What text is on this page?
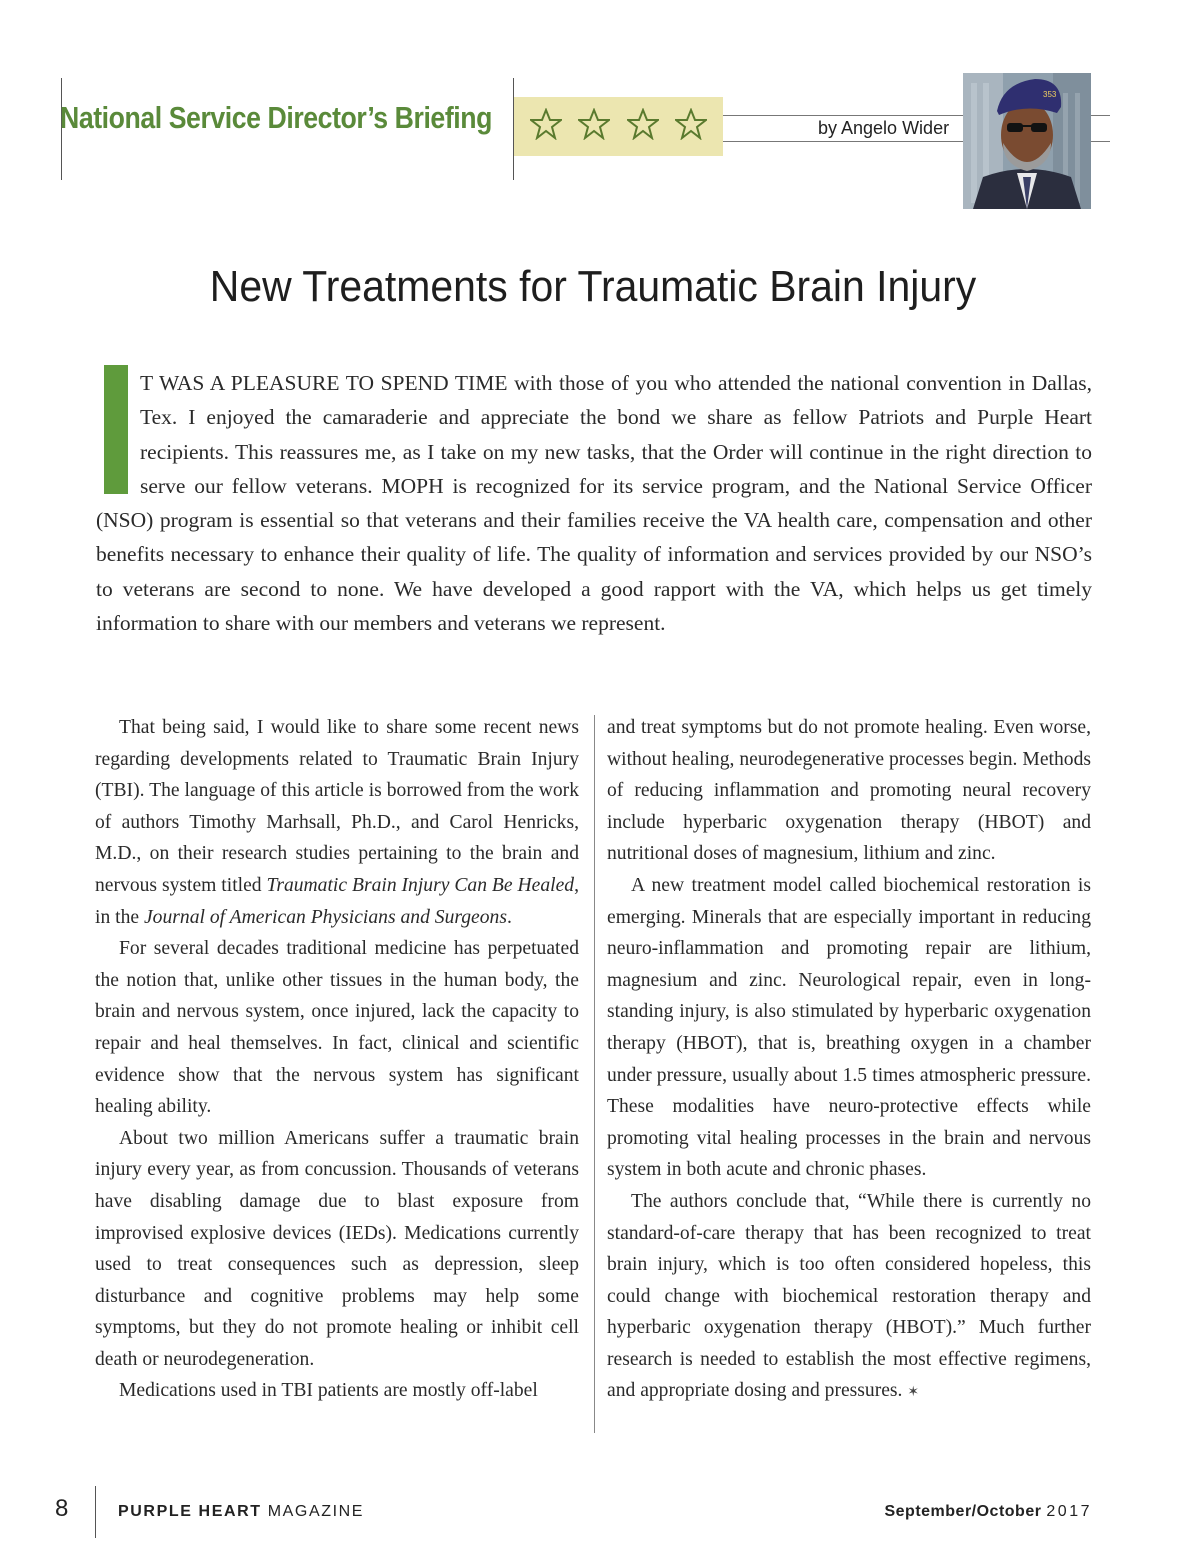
National Service Director’s Briefing	by Angelo Wider
353
New Treatments for Traumatic Brain Injury
T WAS A PLEASURE TO SPEND TIME with those of you who attended the national convention in Dallas, Tex. I enjoyed the camaraderie and appreciate the bond we share as fellow Patriots and Purple Heart recipients. This reassures me, as I take on my new tasks, that the Order will continue in the right direction to serve our fellow veterans. MOPH is recognized for its service program, and the National Service Officer (NSO) program is essential so that veterans and their families receive the VA health care, compensation and other benefits necessary to enhance their quality of life. The quality of information and services provided by our NSO’s to veterans are second to none. We have developed a good rapport with the VA, which helps us get timely information to share with our members and veterans we represent.

That being said, I would like to share some recent news regarding developments related to Traumatic Brain Injury (TBI). The language of this article is borrowed from the work of authors Timothy Marhsall, Ph.D., and Carol Henricks, M.D., on their research studies pertaining to the brain and nervous system titled Traumatic Brain Injury Can Be Healed, in the Journal of American Physicians and Surgeons.

For several decades traditional medicine has perpetuated the notion that, unlike other tissues in the human body, the brain and nervous system, once injured, lack the capacity to repair and heal themselves. In fact, clinical and scientific evidence show that the nervous system has significant healing ability.

About two million Americans suffer a traumatic brain injury every year, as from concussion. Thousands of veterans have disabling damage due to blast exposure from improvised explosive devices (IEDs). Medications currently used to treat consequences such as depression, sleep disturbance and cognitive problems may help some symptoms, but they do not promote healing or inhibit cell death or neurodegeneration.

Medications used in TBI patients are mostly off-label

and treat symptoms but do not promote healing. Even worse, without healing, neurodegenerative processes begin. Methods of reducing inflammation and promoting neural recovery include hyperbaric oxygenation therapy (HBOT) and nutritional doses of magnesium, lithium and zinc.

A new treatment model called biochemical restoration is emerging. Minerals that are especially important in reducing neuro-inflammation and promoting repair are lithium, magnesium and zinc. Neurological repair, even in long-standing injury, is also stimulated by hyperbaric oxygenation therapy (HBOT), that is, breathing oxygen in a chamber under pressure, usually about 1.5 times atmospheric pressure. These modalities have neuro-protective effects while promoting vital healing processes in the brain and nervous system in both acute and chronic phases.

The authors conclude that, “While there is currently no standard-of-care therapy that has been recognized to treat brain injury, which is too often considered hopeless, this could change with biochemical restoration therapy and hyperbaric oxygenation therapy (HBOT).” Much further research is needed to establish the most effective regimens, and appropriate dosing and pressures. ✶

8	PURPLE HEART MAGAZINE	September/October 2017
